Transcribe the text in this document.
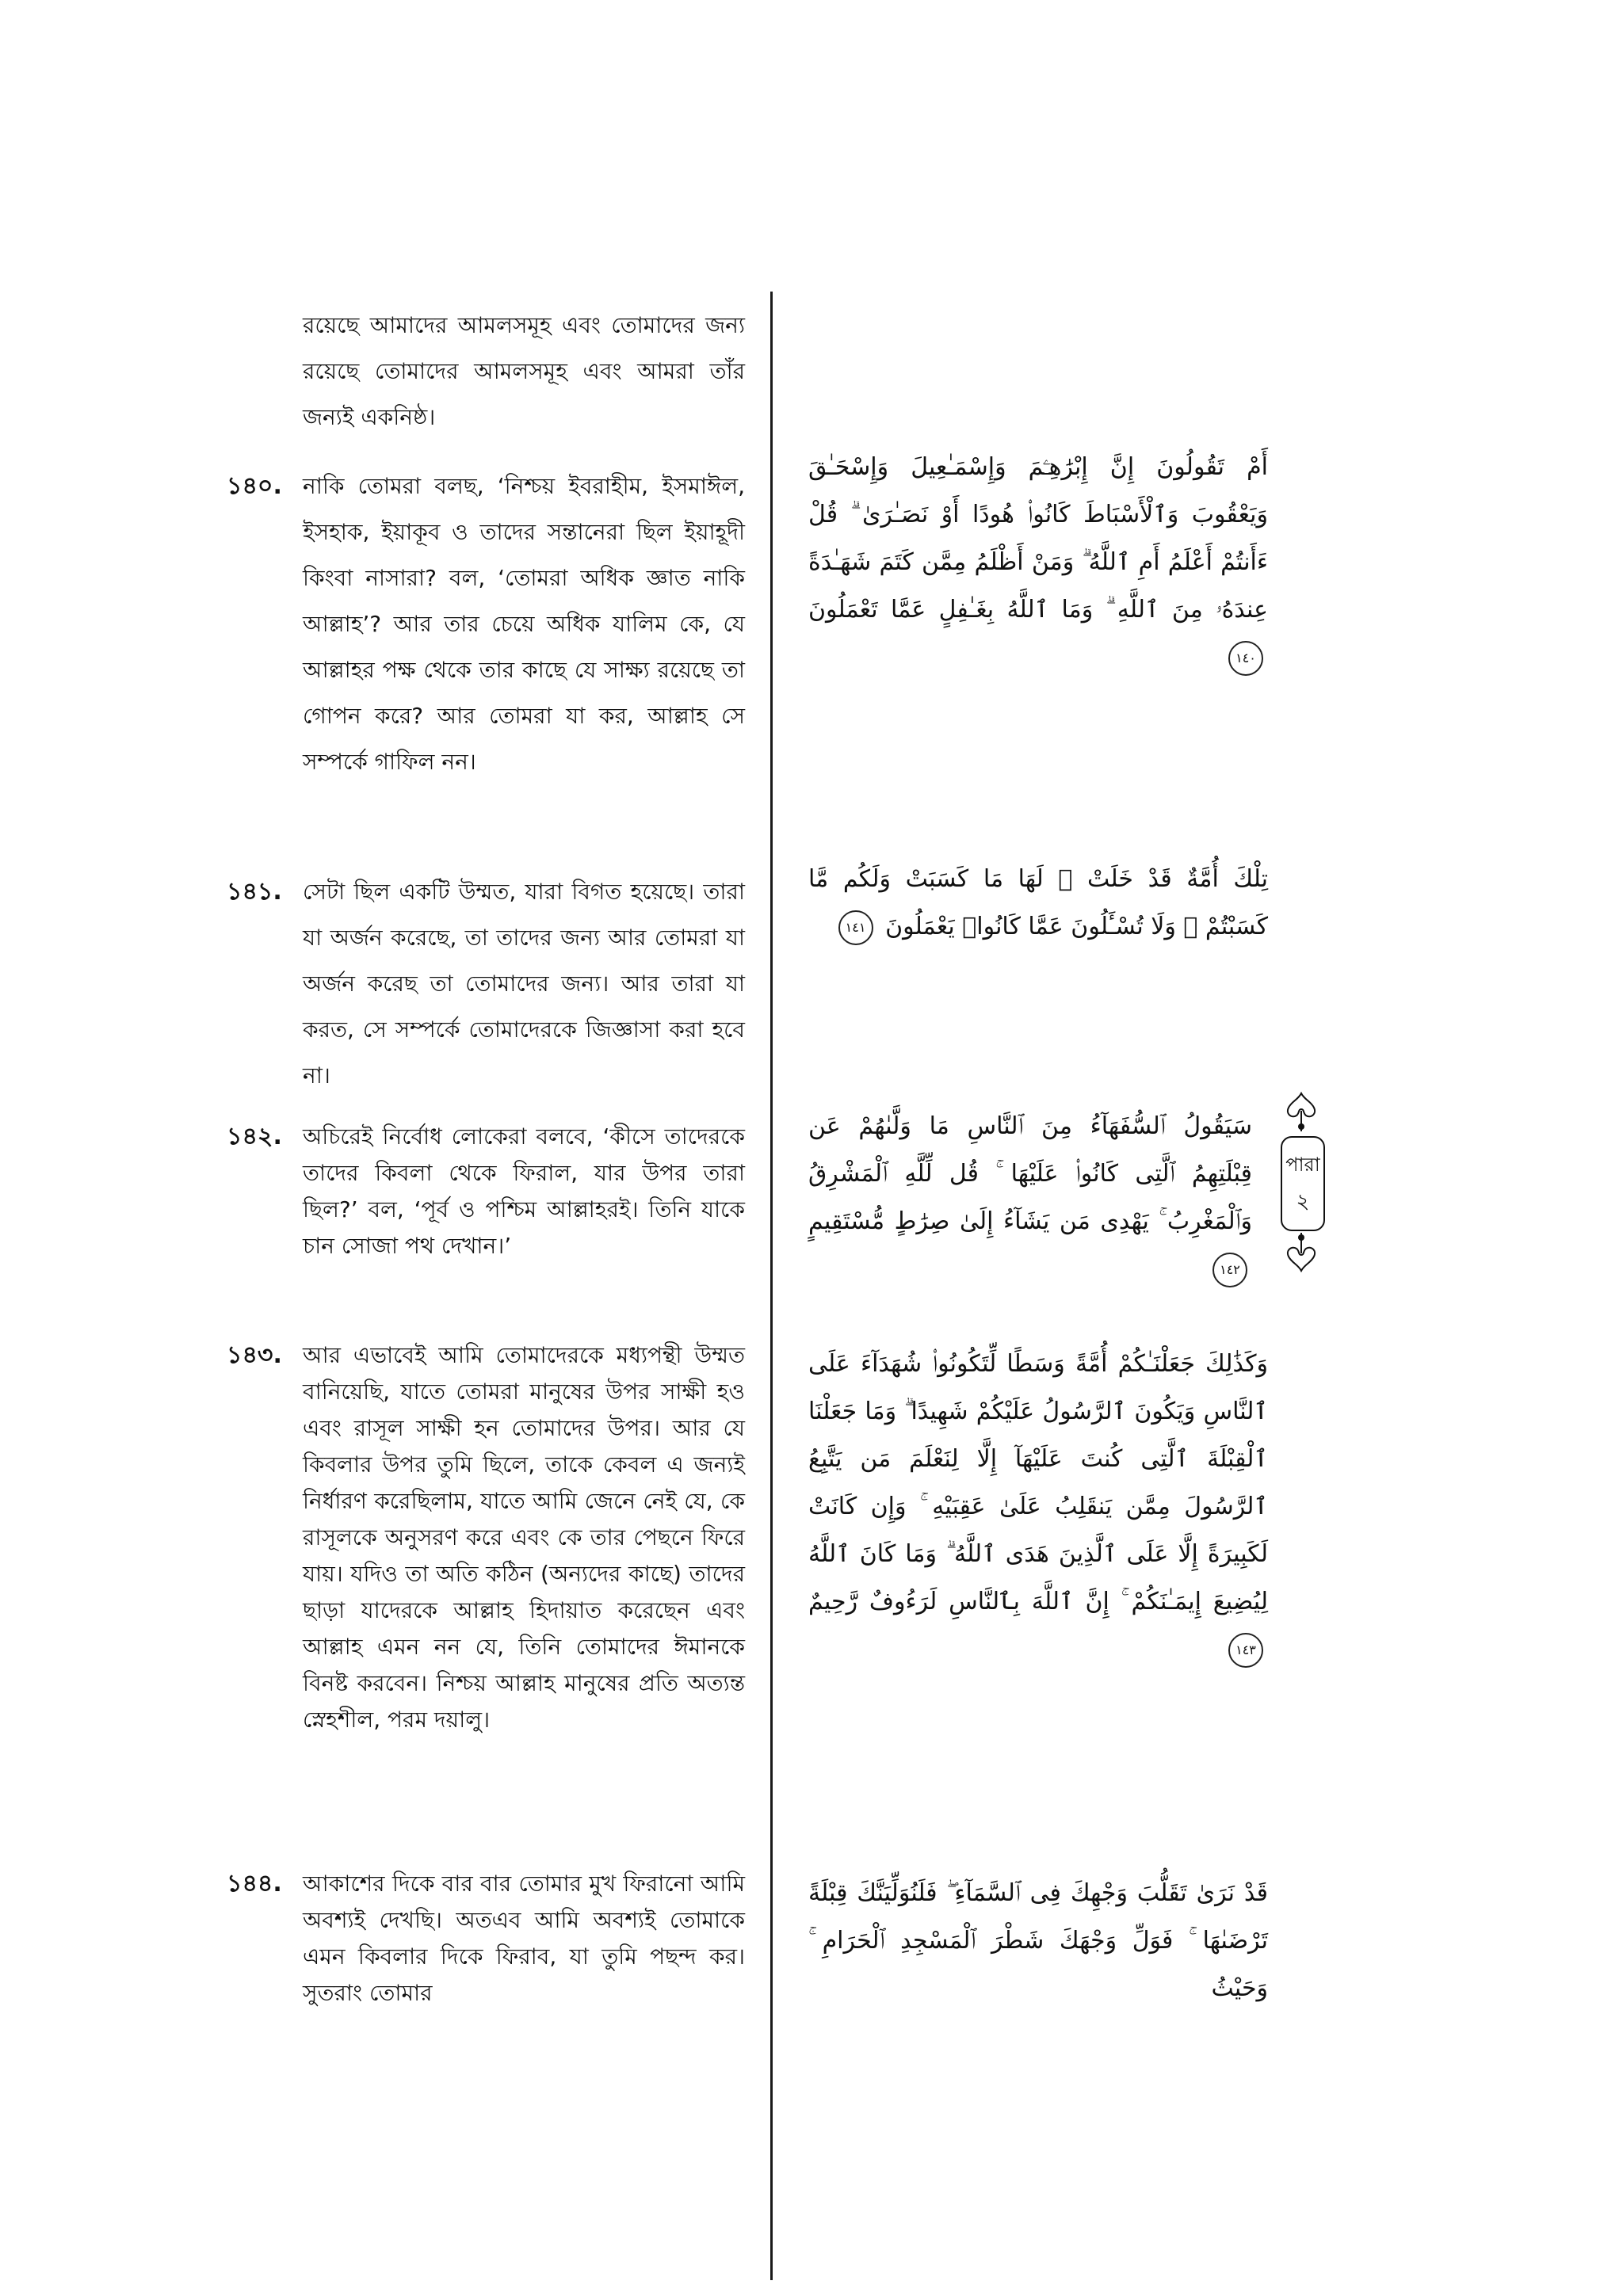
রয়েছে আমাদের আমলসমূহ এবং তোমাদের জন্য রয়েছে তোমাদের আমলসমূহ এবং আমরা তাঁর জন্যই একনিষ্ঠ।
১৪০. নাকি তোমরা বলছ, ‘নিশ্চয় ইবরাহীম, ইসমাঈল, ইসহাক, ইয়াকূব ও তাদের সন্তানেরা ছিল ইয়াহূদী কিংবা নাসারা? বল, ‘তোমরা অধিক জ্ঞাত নাকি আল্লাহ’? আর তার চেয়ে অধিক যালিম কে, যে আল্লাহর পক্ষ থেকে তার কাছে যে সাক্ষ্য রয়েছে তা গোপন করে? আর তোমরা যা কর, আল্লাহ সে সম্পর্কে গাফিল নন।
১৪১. সেটা ছিল একটি উম্মত, যারা বিগত হয়েছে। তারা যা অর্জন করেছে, তা তাদের জন্য আর তোমরা যা অর্জন করেছ তা তোমাদের জন্য। আর তারা যা করত, সে সম্পর্কে তোমাদেরকে জিজ্ঞাসা করা হবে না।
১৪২. অচিরেই নির্বোধ লোকেরা বলবে, ‘কীসে তাদেরকে তাদের কিবলা থেকে ফিরাল, যার উপর তারা ছিল?’ বল, ‘পূর্ব ও পশ্চিম আল্লাহরই। তিনি যাকে চান সোজা পথ দেখান।’
১৪৩. আর এভাবেই আমি তোমাদেরকে মধ্যপন্থী উম্মত বানিয়েছি, যাতে তোমরা মানুষের উপর সাক্ষী হও এবং রাসূল সাক্ষী হন তোমাদের উপর। আর যে কিবলার উপর তুমি ছিলে, তাকে কেবল এ জন্যই নির্ধারণ করেছিলাম, যাতে আমি জেনে নেই যে, কে রাসূলকে অনুসরণ করে এবং কে তার পেছনে ফিরে যায়। যদিও তা অতি কঠিন (অন্যদের কাছে) তাদের ছাড়া যাদেরকে আল্লাহ হিদায়াত করেছেন এবং আল্লাহ এমন নন যে, তিনি তোমাদের ঈমানকে বিনষ্ট করবেন। নিশ্চয় আল্লাহ মানুষের প্রতি অত্যন্ত স্নেহশীল, পরম দয়ালু।
১৪৪. আকাশের দিকে বার বার তোমার মুখ ফিরানো আমি অবশ্যই দেখছি। অতএব আমি অবশ্যই তোমাকে এমন কিবলার দিকে ফিরাব, যা তুমি পছন্দ কর। সুতরাং তোমার
أَمْ تَقُولُونَ إِنَّ إِبْرَٰهِـۧمَ وَإِسْمَـٰعِيلَ وَإِسْحَـٰقَ وَيَعْقُوبَ وَٱلْأَسْبَاطَ كَانُوا۟ هُودًا أَوْ نَصَـٰرَىٰ ۗ قُلْ ءَأَنتُمْ أَعْلَمُ أَمِ ٱللَّهُ ۗ وَمَنْ أَظْلَمُ مِمَّن كَتَمَ شَهَـٰدَةً عِندَهُۥ مِنَ ٱللَّهِ ۗ وَمَا ٱللَّهُ بِغَـٰفِلٍ عَمَّا تَعْمَلُونَ ١٤٠
تِلْكَ أُمَّةٌ قَدْ خَلَتْ ۖ لَهَا مَا كَسَبَتْ وَلَكُم مَّا كَسَبْتُمْ ۖ وَلَا تُسْـَٔلُونَ عَمَّا كَانُوا۟ يَعْمَلُونَ ١٤١
سَيَقُولُ ٱلسُّفَهَآءُ مِنَ ٱلنَّاسِ مَا وَلَّىٰهُمْ عَن قِبْلَتِهِمُ ٱلَّتِى كَانُوا۟ عَلَيْهَا ۚ قُل لِّلَّهِ ٱلْمَشْرِقُ وَٱلْمَغْرِبُ ۚ يَهْدِى مَن يَشَآءُ إِلَىٰ صِرَٰطٍ مُّسْتَقِيمٍ ١٤٢
وَكَذَٰلِكَ جَعَلْنَـٰكُمْ أُمَّةً وَسَطًا لِّتَكُونُوا۟ شُهَدَآءَ عَلَى ٱلنَّاسِ وَيَكُونَ ٱلرَّسُولُ عَلَيْكُمْ شَهِيدًا ۗ وَمَا جَعَلْنَا ٱلْقِبْلَةَ ٱلَّتِى كُنتَ عَلَيْهَآ إِلَّا لِنَعْلَمَ مَن يَتَّبِعُ ٱلرَّسُولَ مِمَّن يَنقَلِبُ عَلَىٰ عَقِبَيْهِ ۚ وَإِن كَانَتْ لَكَبِيرَةً إِلَّا عَلَى ٱلَّذِينَ هَدَى ٱللَّهُ ۗ وَمَا كَانَ ٱللَّهُ لِيُضِيعَ إِيمَـٰنَكُمْ ۚ إِنَّ ٱللَّهَ بِٱلنَّاسِ لَرَءُوفٌ رَّحِيمٌ ١٤٣
قَدْ نَرَىٰ تَقَلُّبَ وَجْهِكَ فِى ٱلسَّمَآءِ ۖ فَلَنُوَلِّيَنَّكَ قِبْلَةً تَرْضَىٰهَا ۚ فَوَلِّ وَجْهَكَ شَطْرَ ٱلْمَسْجِدِ ٱلْحَرَامِ ۚ وَحَيْثُ
পারা
২
